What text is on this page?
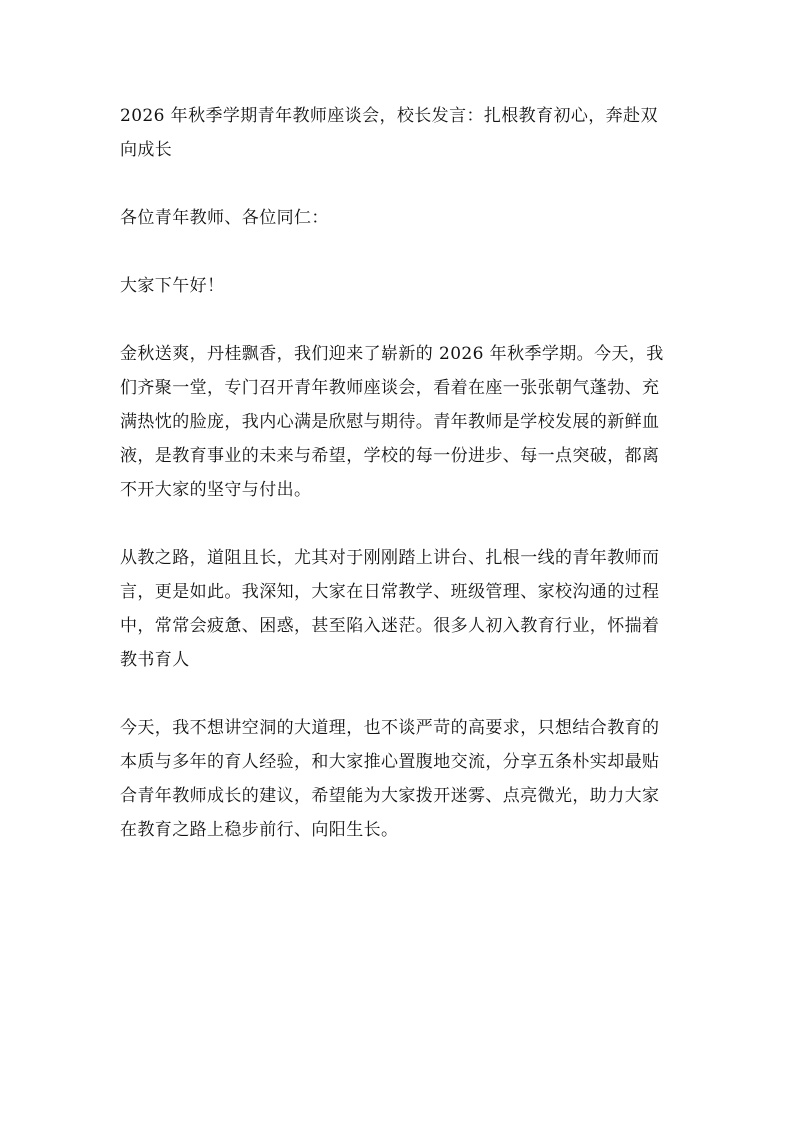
2026 年秋季学期青年教师座谈会，校长发言：扎根教育初心，奔赴双向成长

各位青年教师、各位同仁：

大家下午好！

金秋送爽，丹桂飘香，我们迎来了崭新的 2026 年秋季学期。今天，我们齐聚一堂，专门召开青年教师座谈会，看着在座一张张朝气蓬勃、充满热忱的脸庞，我内心满是欣慰与期待。青年教师是学校发展的新鲜血液，是教育事业的未来与希望，学校的每一份进步、每一点突破，都离不开大家的坚守与付出。

从教之路，道阻且长，尤其对于刚刚踏上讲台、扎根一线的青年教师而言，更是如此。我深知，大家在日常教学、班级管理、家校沟通的过程中，常常会疲惫、困惑，甚至陷入迷茫。很多人初入教育行业，怀揣着教书育人

今天，我不想讲空洞的大道理，也不谈严苛的高要求，只想结合教育的本质与多年的育人经验，和大家推心置腹地交流，分享五条朴实却最贴合青年教师成长的建议，希望能为大家拨开迷雾、点亮微光，助力大家在教育之路上稳步前行、向阳生长。
